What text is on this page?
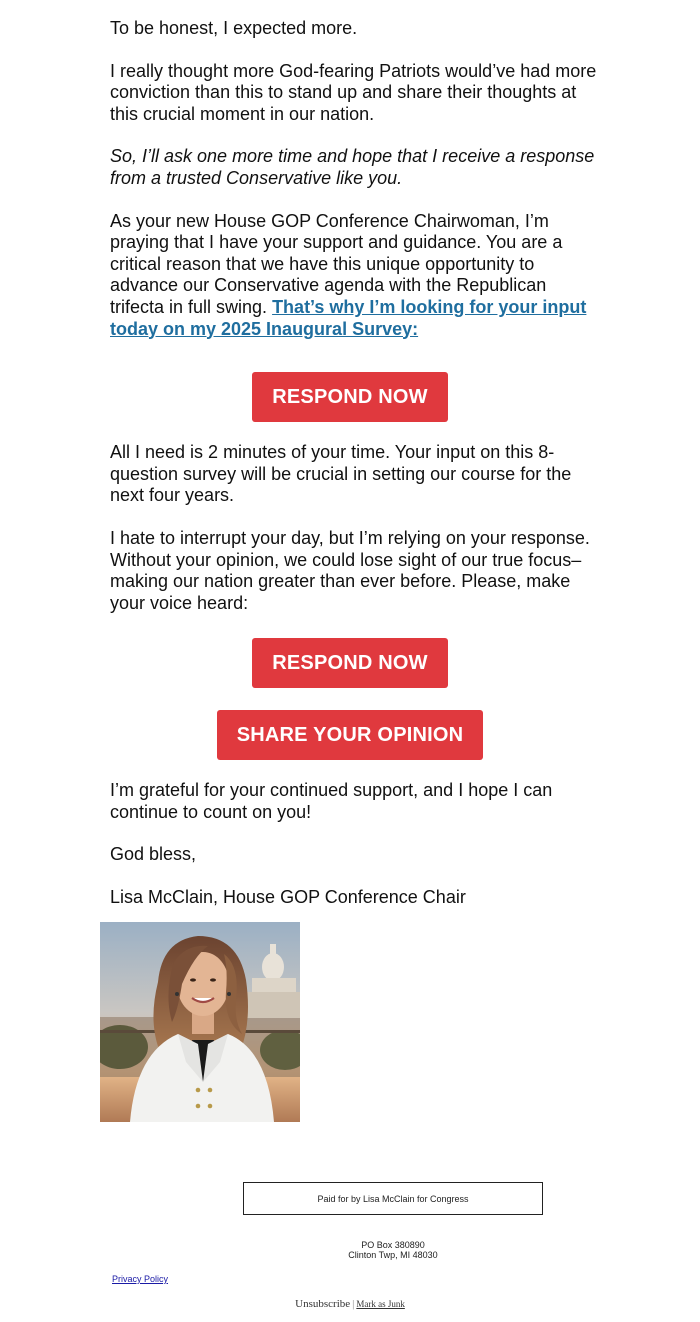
To be honest, I expected more.

I really thought more God-fearing Patriots would’ve had more conviction than this to stand up and share their thoughts at this crucial moment in our nation.

So, I’ll ask one more time and hope that I receive a response from a trusted Conservative like you.

As your new House GOP Conference Chairwoman, I’m praying that I have your support and guidance. You are a critical reason that we have this unique opportunity to advance our Conservative agenda with the Republican trifecta in full swing. That’s why I’m looking for your input today on my 2025 Inaugural Survey:

RESPOND NOW

All I need is 2 minutes of your time. Your input on this 8-question survey will be crucial in setting our course for the next four years.

I hate to interrupt your day, but I’m relying on your response. Without your opinion, we could lose sight of our true focus–making our nation greater than ever before. Please, make your voice heard:

RESPOND NOW
SHARE YOUR OPINION

I’m grateful for your continued support, and I hope I can continue to count on you!

God bless,

Lisa McClain, House GOP Conference Chair

Paid for by Lisa McClain for Congress
PO Box 380890
Clinton Twp, MI 48030
Privacy Policy
Unsubscribe | Mark as Junk
